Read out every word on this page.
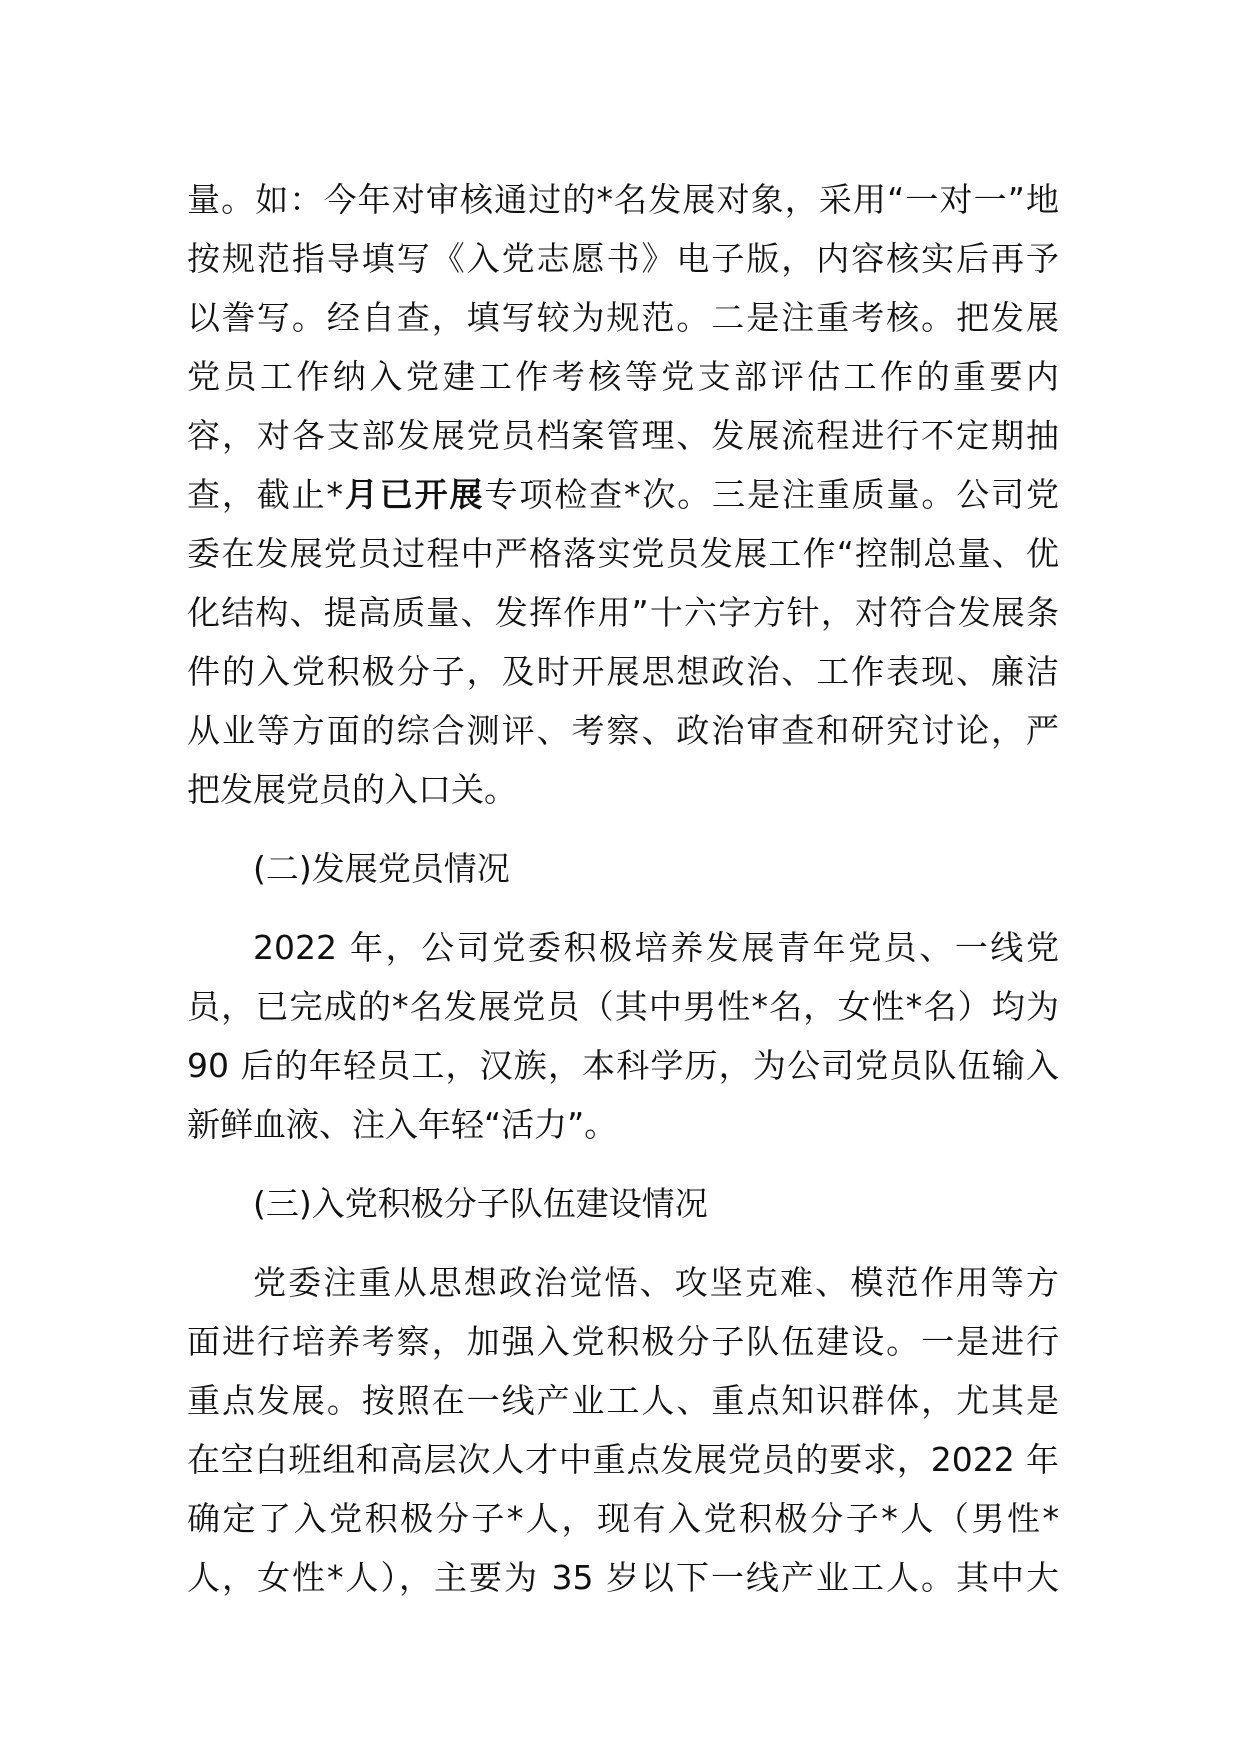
量。如：今年对审核通过的*名发展对象，采用“一对一”地
按规范指导填写《入党志愿书》电子版，内容核实后再予
以誊写。经自查，填写较为规范。二是注重考核。把发展
党员工作纳入党建工作考核等党支部评估工作的重要内
容，对各支部发展党员档案管理、发展流程进行不定期抽
查，截止*月已开展专项检查*次。三是注重质量。公司党
委在发展党员过程中严格落实党员发展工作“控制总量、优
化结构、提高质量、发挥作用”十六字方针，对符合发展条
件的入党积极分子，及时开展思想政治、工作表现、廉洁
从业等方面的综合测评、考察、政治审查和研究讨论，严
把发展党员的入口关。
(二)发展党员情况
2022 年，公司党委积极培养发展青年党员、一线党
员，已完成的*名发展党员（其中男性*名，女性*名）均为
90 后的年轻员工，汉族，本科学历，为公司党员队伍输入
新鲜血液、注入年轻“活力”。
(三)入党积极分子队伍建设情况
党委注重从思想政治觉悟、攻坚克难、模范作用等方
面进行培养考察，加强入党积极分子队伍建设。一是进行
重点发展。按照在一线产业工人、重点知识群体，尤其是
在空白班组和高层次人才中重点发展党员的要求，2022 年
确定了入党积极分子*人，现有入党积极分子*人（男性*
人，女性*人），主要为 35 岁以下一线产业工人。其中大
